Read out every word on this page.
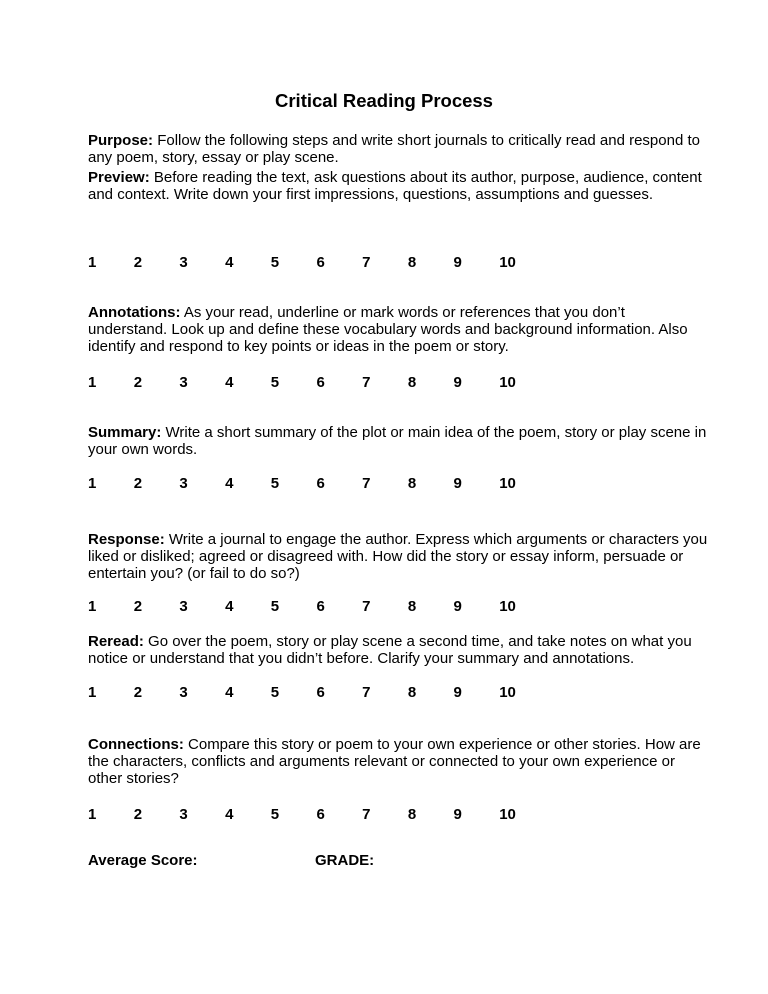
Critical Reading Process
Purpose: Follow the following steps and write short journals to critically read and respond to any poem, story, essay or play scene.
Preview: Before reading the text, ask questions about its author, purpose, audience, content and context. Write down your first impressions, questions, assumptions and guesses.
1	2	3	4	5	6	7	8	9	10
Annotations: As your read, underline or mark words or references that you don’t understand. Look up and define these vocabulary words and background information. Also identify and respond to key points or ideas in the poem or story.
1	2	3	4	5	6	7	8	9	10
Summary: Write a short summary of the plot or main idea of the poem, story or play scene in your own words.
1	2	3	4	5	6	7	8	9	10
Response: Write a journal to engage the author. Express which arguments or characters you liked or disliked; agreed or disagreed with. How did the story or essay inform, persuade or entertain you? (or fail to do so?)
1	2	3	4	5	6	7	8	9	10
Reread: Go over the poem, story or play scene a second time, and take notes on what you notice or understand that you didn’t before. Clarify your summary and annotations.
1	2	3	4	5	6	7	8	9	10
Connections: Compare this story or poem to your own experience or other stories. How are the characters, conflicts and arguments relevant or connected to your own experience or other stories?
1	2	3	4	5	6	7	8	9	10
Average Score:	GRADE:
